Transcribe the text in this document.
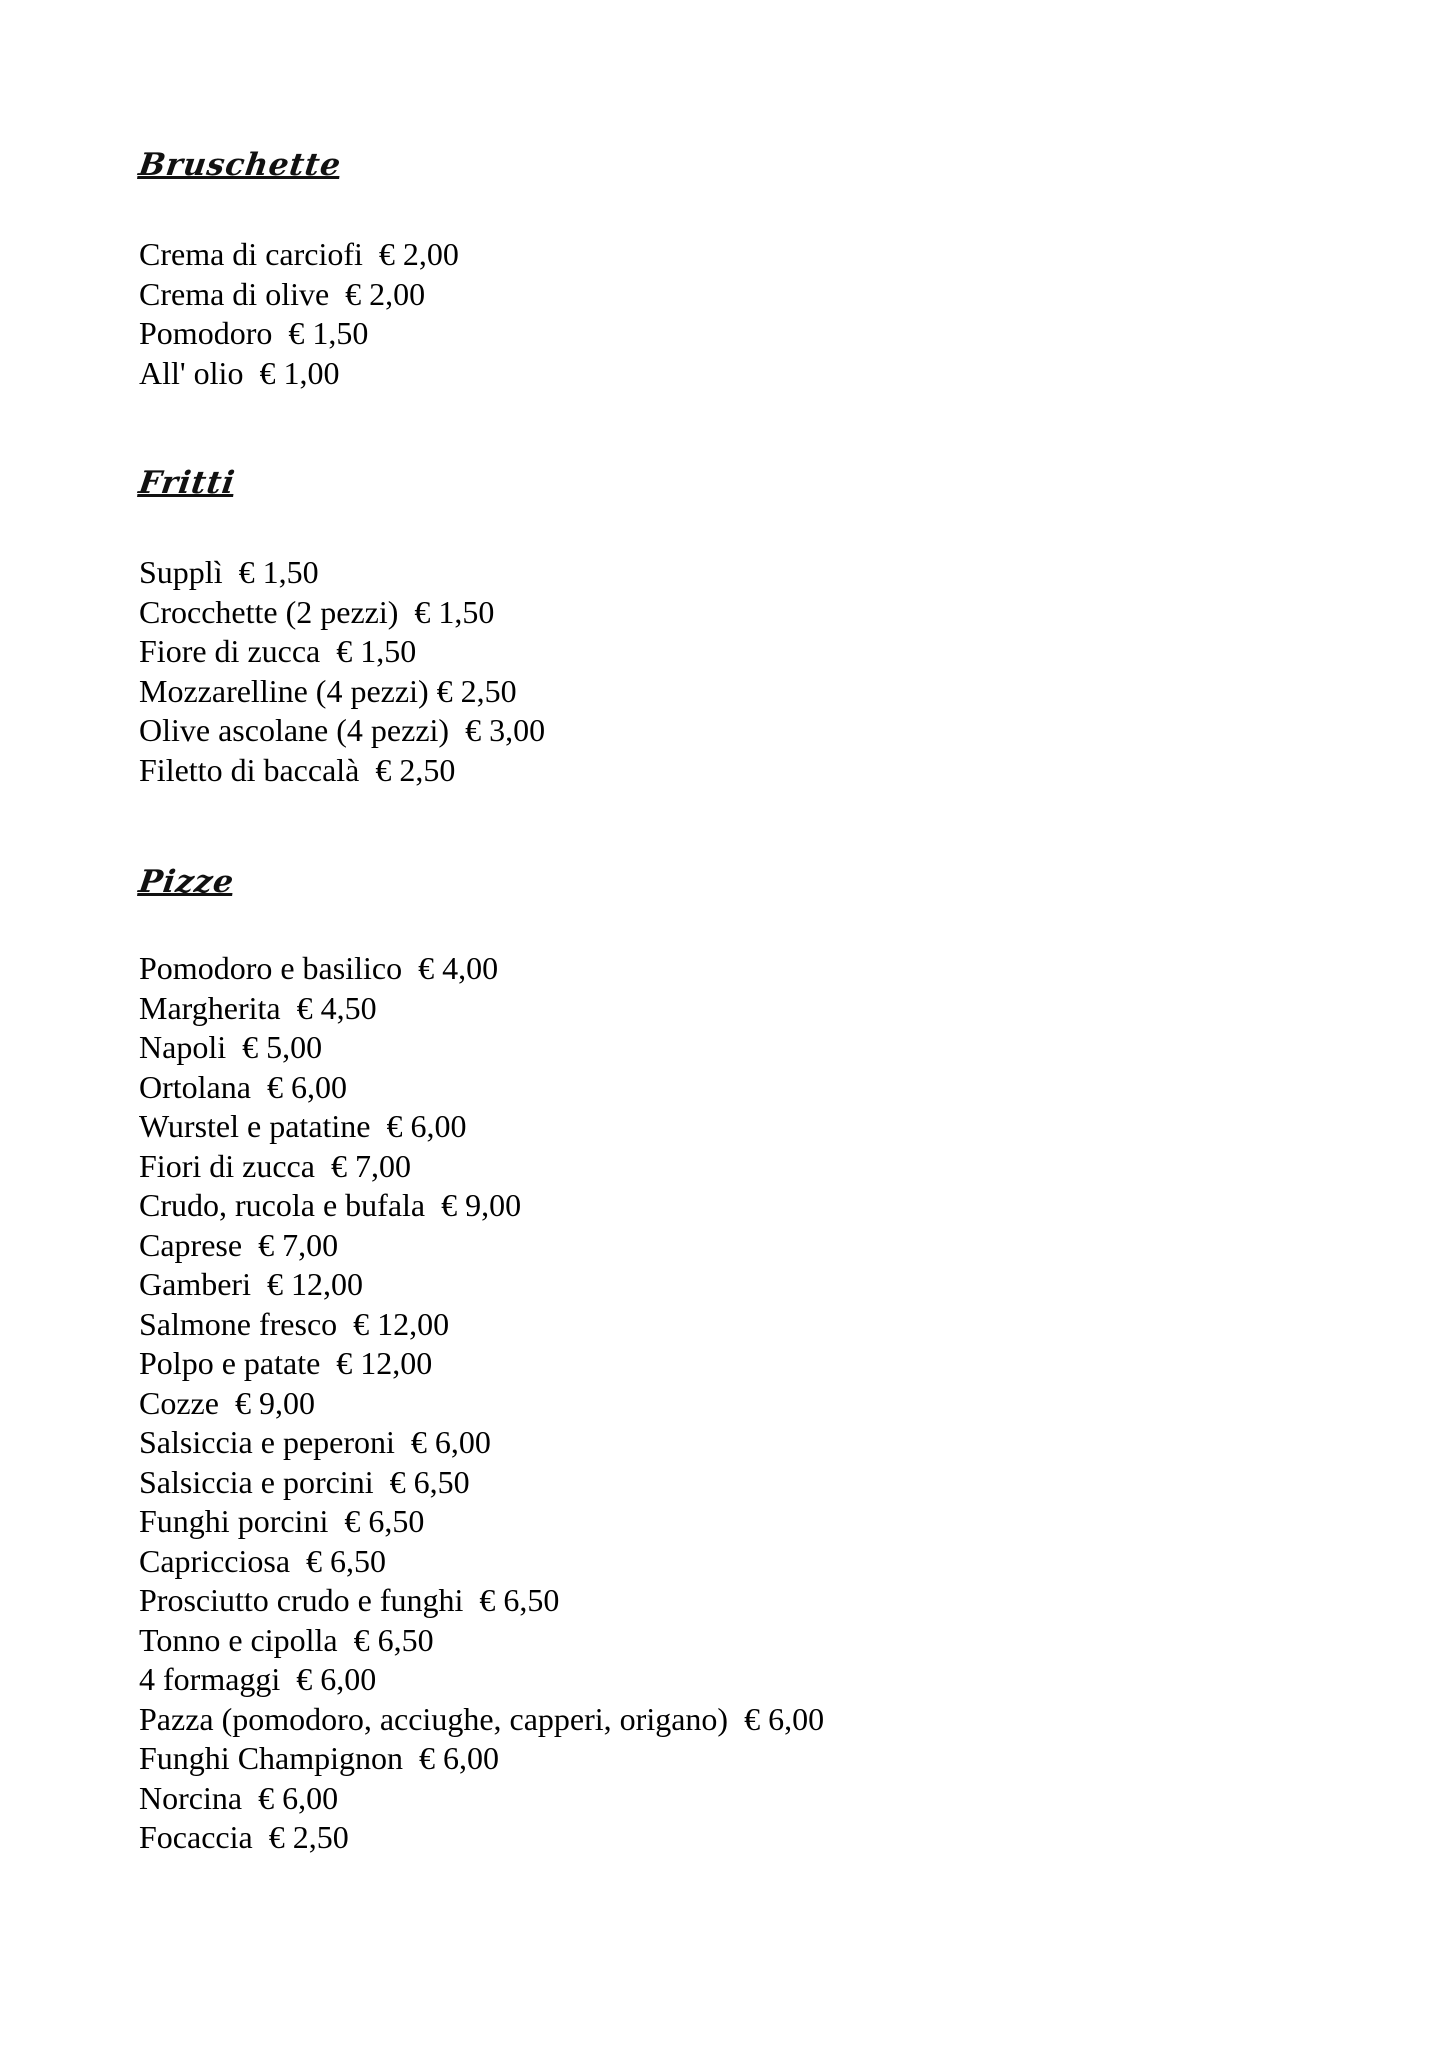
Bruschette
Crema di carciofi  € 2,00
Crema di olive  € 2,00
Pomodoro  € 1,50
All' olio  € 1,00
Fritti
Supplì  € 1,50
Crocchette (2 pezzi)  € 1,50
Fiore di zucca  € 1,50
Mozzarelline (4 pezzi) € 2,50
Olive ascolane (4 pezzi)  € 3,00
Filetto di baccalà  € 2,50
Pizze
Pomodoro e basilico  € 4,00
Margherita  € 4,50
Napoli  € 5,00
Ortolana  € 6,00
Wurstel e patatine  € 6,00
Fiori di zucca  € 7,00
Crudo, rucola e bufala  € 9,00
Caprese  € 7,00
Gamberi  € 12,00
Salmone fresco  € 12,00
Polpo e patate  € 12,00
Cozze  € 9,00
Salsiccia e peperoni  € 6,00
Salsiccia e porcini  € 6,50
Funghi porcini  € 6,50
Capricciosa  € 6,50
Prosciutto crudo e funghi  € 6,50
Tonno e cipolla  € 6,50
4 formaggi  € 6,00
Pazza (pomodoro, acciughe, capperi, origano)  € 6,00
Funghi Champignon  € 6,00
Norcina  € 6,00
Focaccia  € 2,50
